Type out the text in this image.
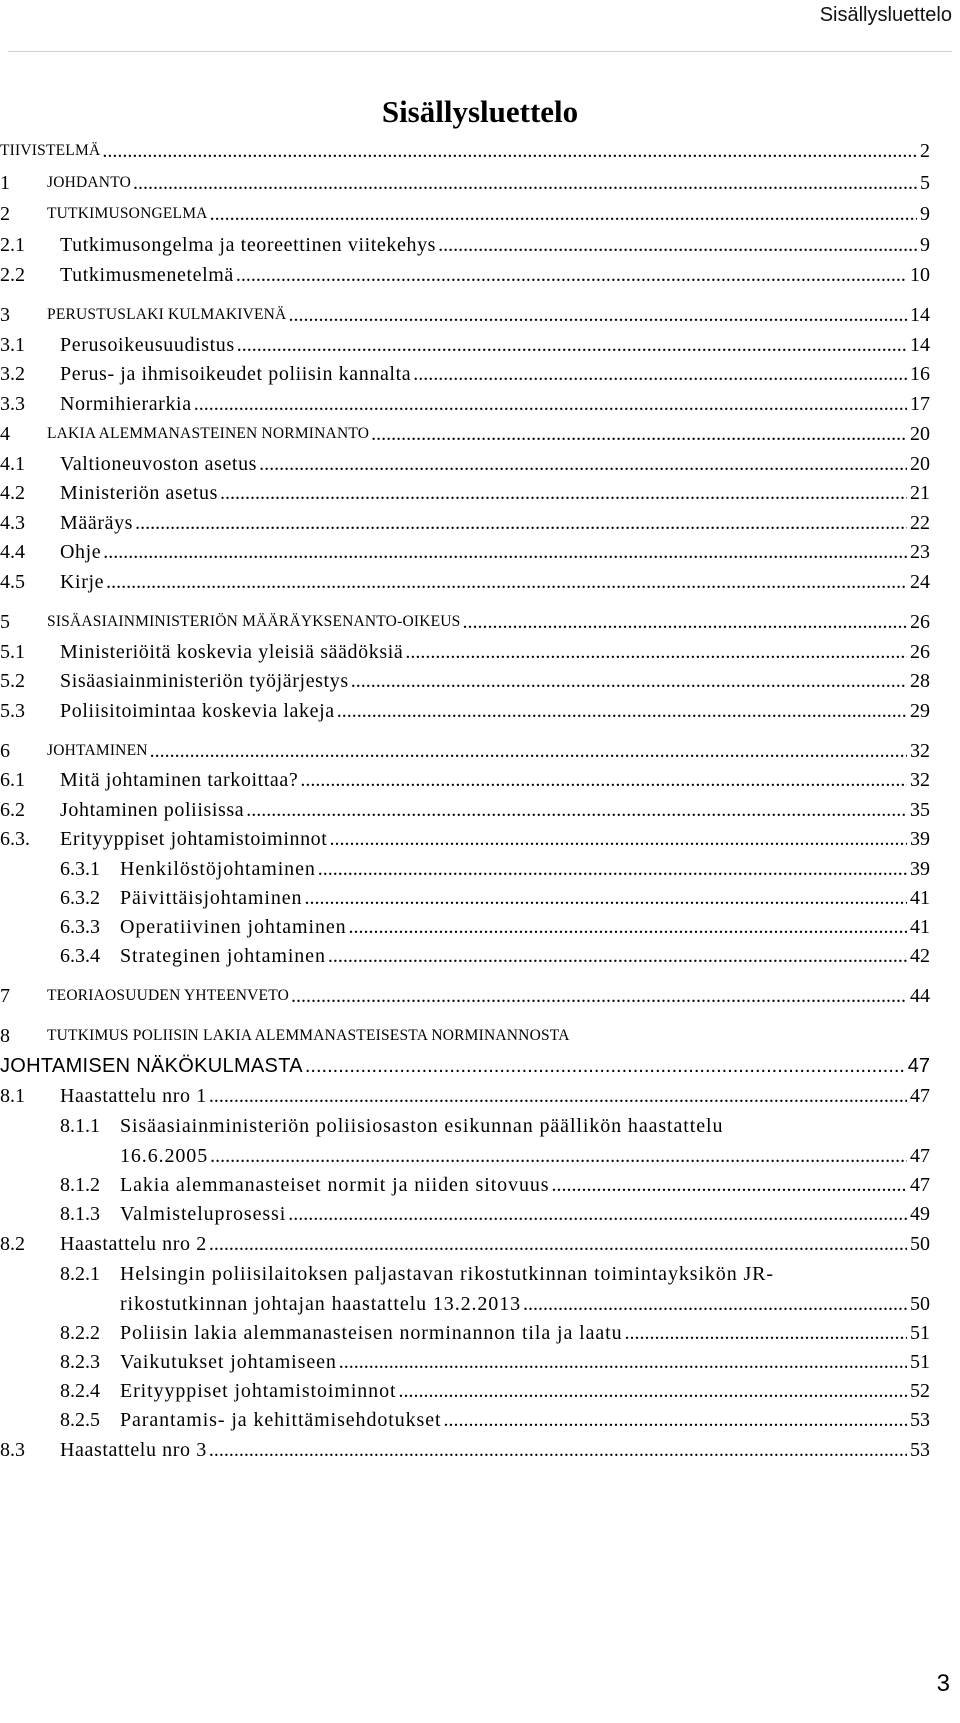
Sisällysluettelo
Sisällysluettelo
TIIVISTELMÄ .....	2
1 JOHDANTO .....	5
2 TUTKIMUSONGELMA .....	9
2.1 Tutkimusongelma ja teoreettinen viitekehys .....	9
2.2 Tutkimusmenetelmä .....	10
3 PERUSTUSLAKI KULMAKIVENÄ .....	14
3.1 Perusoikeusuudistus .....	14
3.2 Perus- ja ihmisoikeudet poliisin kannalta .....	16
3.3 Normihierarkia .....	17
4 LAKIA ALEMMANASTEINEN NORMINANTO .....	20
4.1 Valtioneuvoston asetus .....	20
4.2 Ministeriön asetus .....	21
4.3 Määräys .....	22
4.4 Ohje .....	23
4.5 Kirje .....	24
5 SISÄASIAINMINISTERIÖN MÄÄRÄYKSENANTO-OIKEUS .....	26
5.1 Ministeriöitä koskevia yleisiä säädöksiä .....	26
5.2 Sisäasiainministeriön työjärjestys .....	28
5.3 Poliisitoimintaa koskevia lakeja .....	29
6 JOHTAMINEN .....	32
6.1 Mitä johtaminen tarkoittaa? .....	32
6.2 Johtaminen poliisissa .....	35
6.3. Erityyppiset johtamistoiminnot .....	39
6.3.1 Henkilöstöjohtaminen .....	39
6.3.2 Päivittäisjohtaminen .....	41
6.3.3 Operatiivinen johtaminen .....	41
6.3.4 Strateginen johtaminen .....	42
7 TEORIAOSUUDEN YHTEENVETO .....	44
8 TUTKIMUS POLIISIN LAKIA ALEMMANASTEISESTA NORMINANNOSTA
JOHTAMISEN NÄKÖKULMASTA .....	47
8.1 Haastattelu nro 1 .....	47
8.1.1 Sisäasiainministeriön poliisiosaston esikunnan päällikön haastattelu
16.6.2005 .....	47
8.1.2 Lakia alemmanasteiset normit ja niiden sitovuus .....	47
8.1.3 Valmisteluprosessi .....	49
8.2 Haastattelu nro 2 .....	50
8.2.1 Helsingin poliisilaitoksen paljastavan rikostutkinnan toimintayksikön JR-
rikostutkinnan johtajan haastattelu 13.2.2013 .....	50
8.2.2 Poliisin lakia alemmanasteisen norminannon tila ja laatu .....	51
8.2.3 Vaikutukset johtamiseen .....	51
8.2.4 Erityyppiset johtamistoiminnot .....	52
8.2.5 Parantamis- ja kehittämisehdotukset .....	53
8.3 Haastattelu nro 3 .....	53
3
